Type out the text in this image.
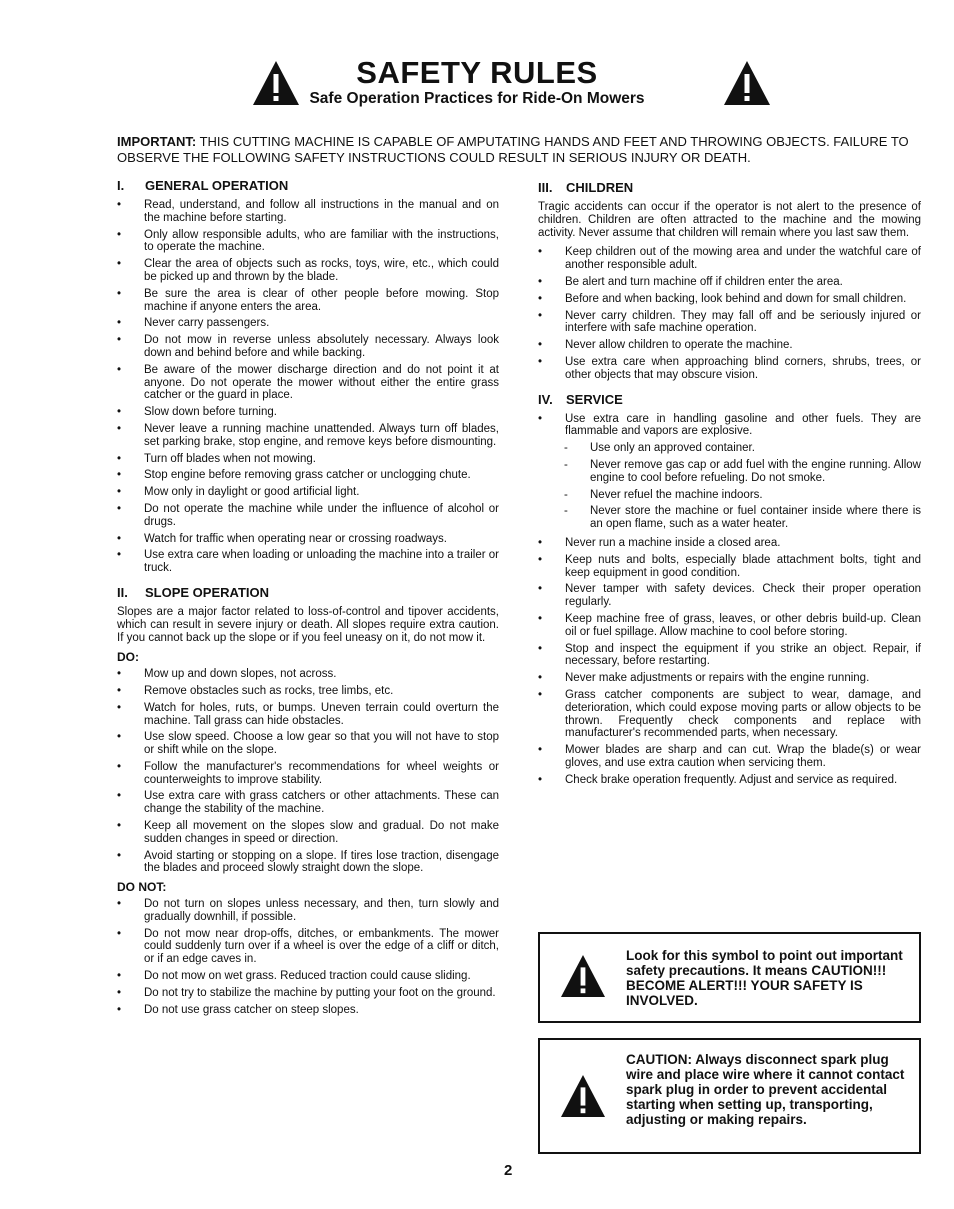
SAFETY RULES
Safe Operation Practices for Ride-On Mowers
IMPORTANT: THIS CUTTING MACHINE IS CAPABLE OF AMPUTATING HANDS AND FEET AND THROWING OBJECTS. FAILURE TO OBSERVE THE FOLLOWING SAFETY INSTRUCTIONS COULD RESULT IN SERIOUS INJURY OR DEATH.
I. GENERAL OPERATION
• Read, understand, and follow all instructions in the manual and on the machine before starting.
• Only allow responsible adults, who are familiar with the instructions, to operate the machine.
• Clear the area of objects such as rocks, toys, wire, etc., which could be picked up and thrown by the blade.
• Be sure the area is clear of other people before mowing. Stop machine if anyone enters the area.
• Never carry passengers.
• Do not mow in reverse unless absolutely necessary. Always look down and behind before and while backing.
• Be aware of the mower discharge direction and do not point it at anyone. Do not operate the mower without either the entire grass catcher or the guard in place.
• Slow down before turning.
• Never leave a running machine unattended. Always turn off blades, set parking brake, stop engine, and remove keys before dismounting.
• Turn off blades when not mowing.
• Stop engine before removing grass catcher or unclogging chute.
• Mow only in daylight or good artificial light.
• Do not operate the machine while under the influence of alcohol or drugs.
• Watch for traffic when operating near or crossing roadways.
• Use extra care when loading or unloading the machine into a trailer or truck.
II. SLOPE OPERATION

Slopes are a major factor related to loss-of-control and tipover accidents, which can result in severe injury or death. All slopes require extra caution. If you cannot back up the slope or if you feel uneasy on it, do not mow it.

DO:
• Mow up and down slopes, not across.
• Remove obstacles such as rocks, tree limbs, etc.
• Watch for holes, ruts, or bumps. Uneven terrain could overturn the machine. Tall grass can hide obstacles.
• Use slow speed. Choose a low gear so that you will not have to stop or shift while on the slope.
• Follow the manufacturer's recommendations for wheel weights or counterweights to improve stability.
• Use extra care with grass catchers or other attachments. These can change the stability of the machine.
• Keep all movement on the slopes slow and gradual. Do not make sudden changes in speed or direction.
• Avoid starting or stopping on a slope. If tires lose traction, disengage the blades and proceed slowly straight down the slope.
DO NOT:
• Do not turn on slopes unless necessary, and then, turn slowly and gradually downhill, if possible.
• Do not mow near drop-offs, ditches, or embankments. The mower could suddenly turn over if a wheel is over the edge of a cliff or ditch, or if an edge caves in.
• Do not mow on wet grass. Reduced traction could cause sliding.
• Do not try to stabilize the machine by putting your foot on the ground.
• Do not use grass catcher on steep slopes.
III. CHILDREN

Tragic accidents can occur if the operator is not alert to the presence of children. Children are often attracted to the machine and the mowing activity. Never assume that children will remain where you last saw them.

• Keep children out of the mowing area and under the watchful care of another responsible adult.
• Be alert and turn machine off if children enter the area.
• Before and when backing, look behind and down for small children.
• Never carry children. They may fall off and be seriously injured or interfere with safe machine operation.
• Never allow children to operate the machine.
• Use extra care when approaching blind corners, shrubs, trees, or other objects that may obscure vision.
IV. SERVICE
• Use extra care in handling gasoline and other fuels. They are flammable and vapors are explosive.
- Use only an approved container.
- Never remove gas cap or add fuel with the engine running. Allow engine to cool before refueling. Do not smoke.
- Never refuel the machine indoors.
- Never store the machine or fuel container inside where there is an open flame, such as a water heater.
• Never run a machine inside a closed area.
• Keep nuts and bolts, especially blade attachment bolts, tight and keep equipment in good condition.
• Never tamper with safety devices. Check their proper operation regularly.
• Keep machine free of grass, leaves, or other debris build-up. Clean oil or fuel spillage. Allow machine to cool before storing.
• Stop and inspect the equipment if you strike an object. Repair, if necessary, before restarting.
• Never make adjustments or repairs with the engine running.
• Grass catcher components are subject to wear, damage, and deterioration, which could expose moving parts or allow objects to be thrown. Frequently check components and replace with manufacturer's recommended parts, when necessary.
• Mower blades are sharp and can cut. Wrap the blade(s) or wear gloves, and use extra caution when servicing them.
• Check brake operation frequently. Adjust and service as required.
Look for this symbol to point out important safety precautions. It means CAUTION!!! BECOME ALERT!!! YOUR SAFETY IS INVOLVED.
CAUTION: Always disconnect spark plug wire and place wire where it cannot contact spark plug in order to prevent accidental starting when setting up, transporting, adjusting or making repairs.
2
